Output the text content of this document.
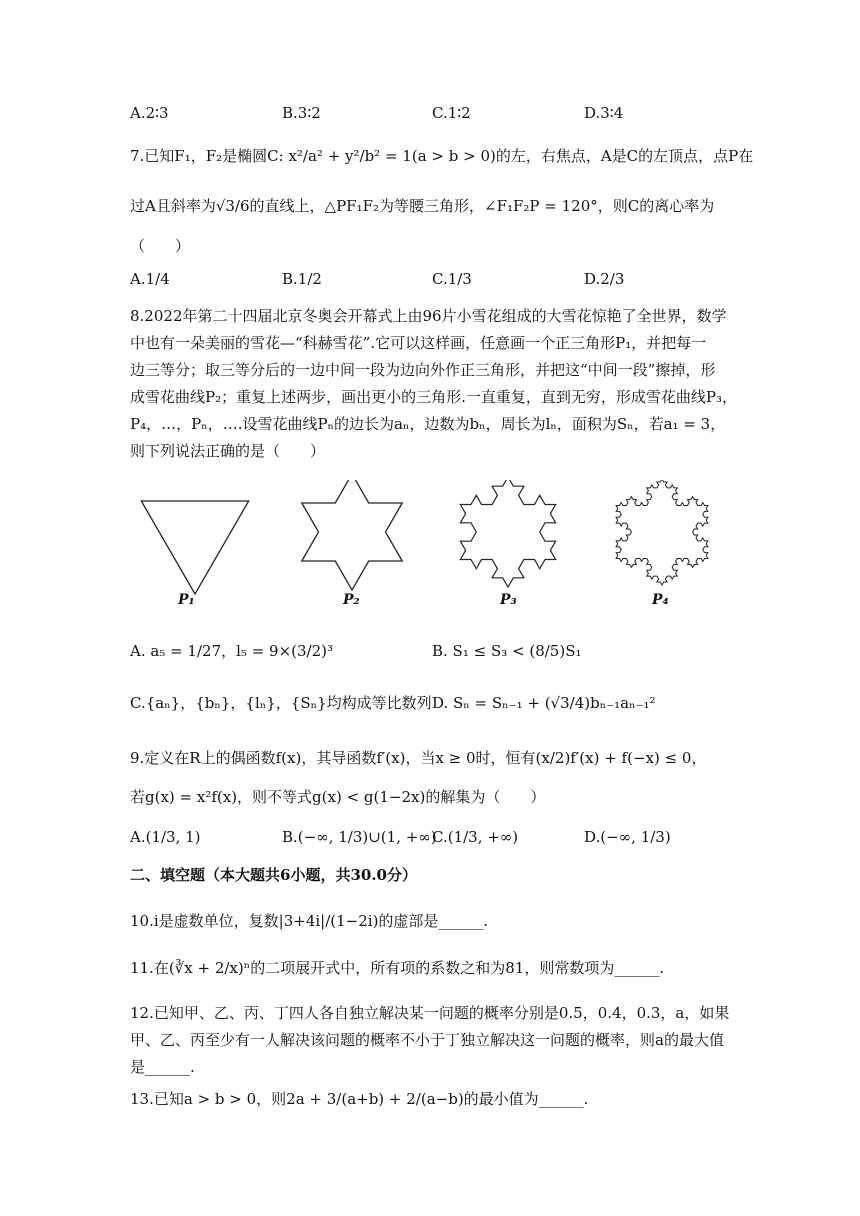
A.2∶3	B.3∶2	C.1∶2	D.3∶4
7.已知F₁，F₂是椭圆C: x²/a² + y²/b² = 1(a > b > 0)的左，右焦点，A是C的左顶点，点P在
过A且斜率为√3/6的直线上，△PF₁F₂为等腰三角形，∠F₁F₂P = 120°，则C的离心率为
（　　）
A.1/4	B.1/2	C.1/3	D.2/3
8.2022年第二十四届北京冬奥会开幕式上由96片小雪花组成的大雪花惊艳了全世界，数学
中也有一朵美丽的雪花—“科赫雪花”.它可以这样画，任意画一个正三角形P₁，并把每一
边三等分；取三等分后的一边中间一段为边向外作正三角形，并把这“中间一段”擦掉，形
成雪花曲线P₂；重复上述两步，画出更小的三角形.一直重复，直到无穷，形成雪花曲线P₃，
P₄，…，Pₙ，….设雪花曲线Pₙ的边长为aₙ，边数为bₙ，周长为lₙ，面积为Sₙ，若a₁ = 3，
则下列说法正确的是（　　）
P₁	P₂	P₃	P₄
A. a₅ = 1/27，l₅ = 9×(3/2)³	B. S₁ ≤ S₃ < (8/5)S₁
C.{aₙ}，{bₙ}，{lₙ}，{Sₙ}均构成等比数列 D. Sₙ = Sₙ₋₁ + (√3/4)bₙ₋₁aₙ₋₁²
9.定义在R上的偶函数f(x)，其导函数f′(x)，当x ≥ 0时，恒有(x/2)f′(x) + f(−x) ≤ 0，
若g(x) = x²f(x)，则不等式g(x) < g(1−2x)的解集为（　　）
A.(1/3, 1)	B.(−∞, 1/3)∪(1, +∞)
C.(1/3, +∞)	D.(−∞, 1/3)
二、填空题（本大题共6小题，共30.0分）
10.i是虚数单位，复数|3+4i|/(1−2i)的虚部是______.
11.在(∛x + 2/x)ⁿ的二项展开式中，所有项的系数之和为81，则常数项为______.
12.已知甲、乙、丙、丁四人各自独立解决某一问题的概率分别是0.5，0.4，0.3，a，如果
甲、乙、丙至少有一人解决该问题的概率不小于丁独立解决这一问题的概率，则a的最大值
是______.
13.已知a > b > 0，则2a + 3/(a+b) + 2/(a−b)的最小值为______.
